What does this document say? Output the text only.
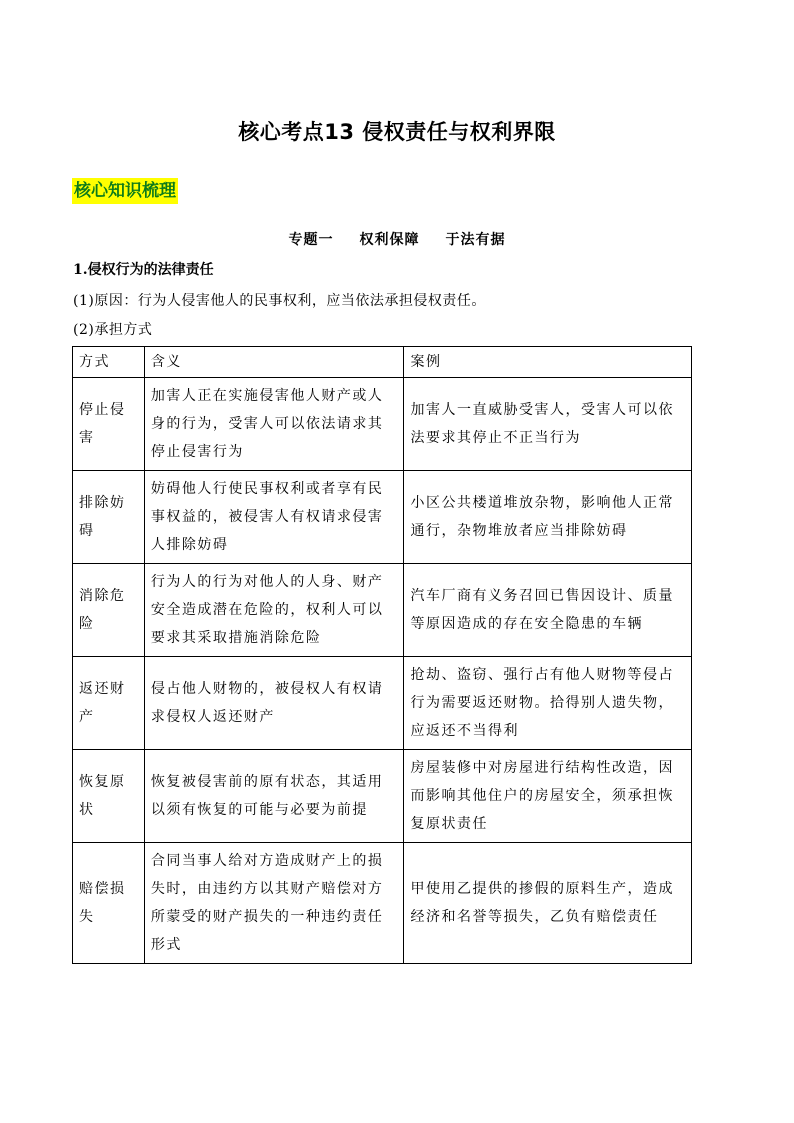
核心考点13 侵权责任与权利界限
核心知识梳理
专题一 权利保障 于法有据
1.侵权行为的法律责任
(1)原因：行为人侵害他人的民事权利，应当依法承担侵权责任。
(2)承担方式
方式	含义	案例
停止侵害	加害人正在实施侵害他人财产或人身的行为，受害人可以依法请求其停止侵害行为	加害人一直威胁受害人，受害人可以依法要求其停止不正当行为
排除妨碍	妨碍他人行使民事权利或者享有民事权益的，被侵害人有权请求侵害人排除妨碍	小区公共楼道堆放杂物，影响他人正常通行，杂物堆放者应当排除妨碍
消除危险	行为人的行为对他人的人身、财产安全造成潜在危险的，权利人可以要求其采取措施消除危险	汽车厂商有义务召回已售因设计、质量等原因造成的存在安全隐患的车辆
返还财产	侵占他人财物的，被侵权人有权请求侵权人返还财产	抢劫、盗窃、强行占有他人财物等侵占行为需要返还财物。拾得别人遗失物，应返还不当得利
恢复原状	恢复被侵害前的原有状态，其适用以须有恢复的可能与必要为前提	房屋装修中对房屋进行结构性改造，因而影响其他住户的房屋安全，须承担恢复原状责任
赔偿损失	合同当事人给对方造成财产上的损失时，由违约方以其财产赔偿对方所蒙受的财产损失的一种违约责任形式	甲使用乙提供的掺假的原料生产，造成经济和名誉等损失，乙负有赔偿责任
